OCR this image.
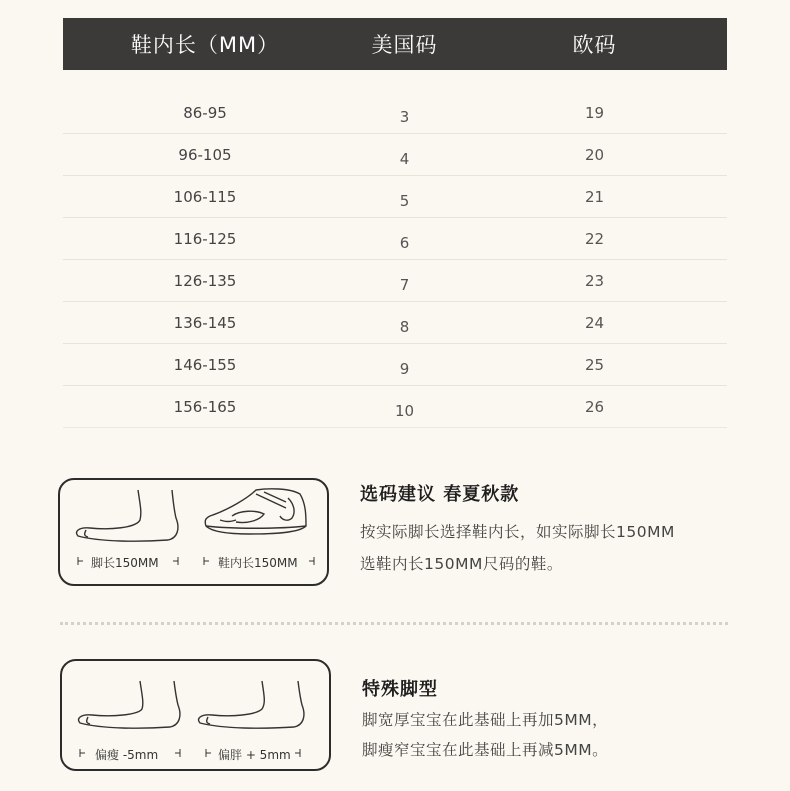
鞋内长（MM）	美国码	欧码
86-95	3	19
96-105	4	20
106-115	5	21
116-125	6	22
126-135	7	23
136-145	8	24
146-155	9	25
156-165	10	26
脚长150MM	鞋内长150MM
选码建议 春夏秋款
按实际脚长选择鞋内长，如实际脚长150MM
选鞋内长150MM尺码的鞋。
偏瘦 -5mm	偏胖 + 5mm
特殊脚型
脚宽厚宝宝在此基础上再加5MM，
脚瘦窄宝宝在此基础上再减5MM。
